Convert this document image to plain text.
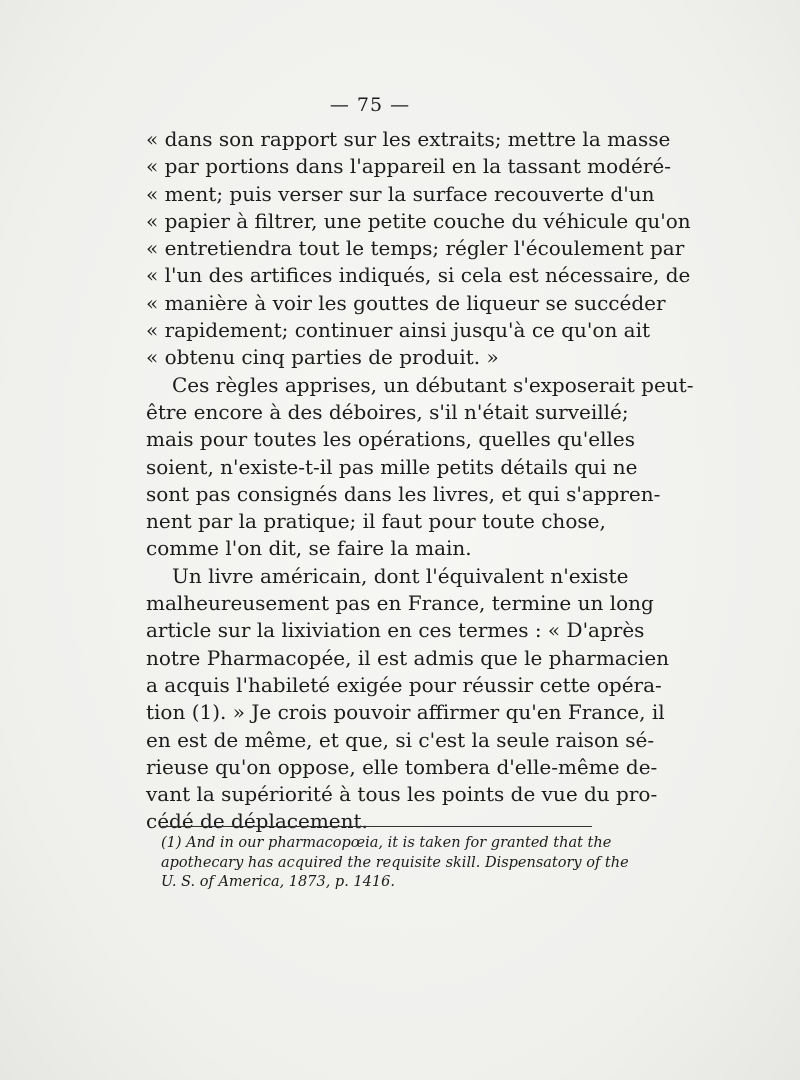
— 75 —
« dans son rapport sur les extraits; mettre la masse
« par portions dans l'appareil en la tassant modéré-
« ment; puis verser sur la surface recouverte d'un
« papier à filtrer, une petite couche du véhicule qu'on
« entretiendra tout le temps; régler l'écoulement par
« l'un des artifices indiqués, si cela est nécessaire, de
« manière à voir les gouttes de liqueur se succéder
« rapidement; continuer ainsi jusqu'à ce qu'on ait
« obtenu cinq parties de produit. »
Ces règles apprises, un débutant s'exposerait peut-
être encore à des déboires, s'il n'était surveillé;
mais pour toutes les opérations, quelles qu'elles
soient, n'existe-t-il pas mille petits détails qui ne
sont pas consignés dans les livres, et qui s'appren-
nent par la pratique; il faut pour toute chose,
comme l'on dit, se faire la main.
Un livre américain, dont l'équivalent n'existe
malheureusement pas en France, termine un long
article sur la lixiviation en ces termes : « D'après
notre Pharmacopée, il est admis que le pharmacien
a acquis l'habileté exigée pour réussir cette opéra-
tion (1). » Je crois pouvoir affirmer qu'en France, il
en est de même, et que, si c'est la seule raison sé-
rieuse qu'on oppose, elle tombera d'elle-même de-
vant la supériorité à tous les points de vue du pro-
cédé de déplacement.
(1) And in our pharmacopœia, it is taken for granted that the
apothecary has acquired the requisite skill. Dispensatory of the
U. S. of America, 1873, p. 1416.
